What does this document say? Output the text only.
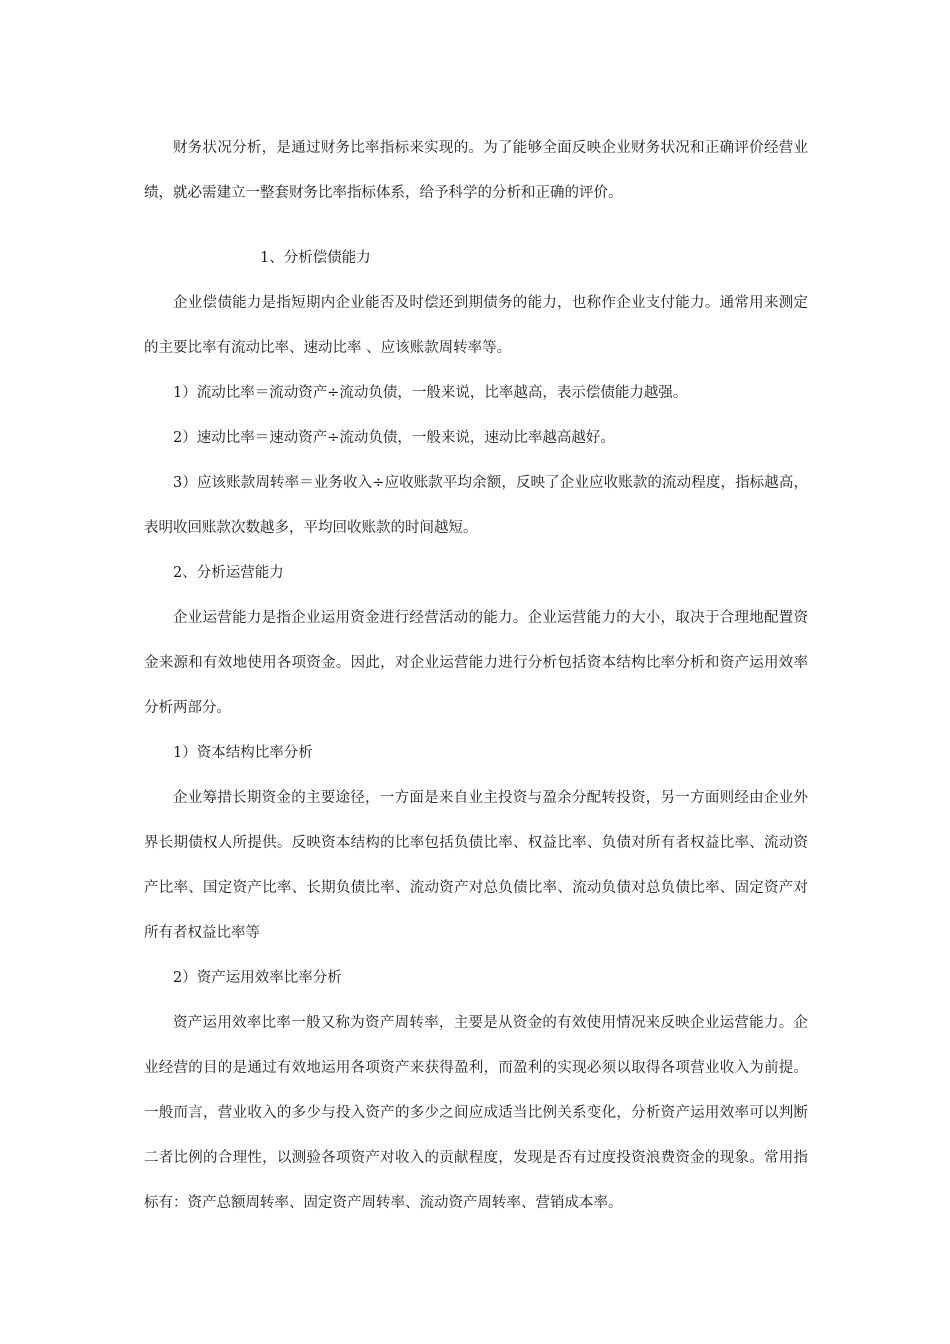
财务状况分析，是通过财务比率指标来实现的。为了能够全面反映企业财务状况和正确评价经营业绩，就必需建立一整套财务比率指标体系，给予科学的分析和正确的评价。

1、分析偿债能力

企业偿债能力是指短期内企业能否及时偿还到期债务的能力，也称作企业支付能力。通常用来测定的主要比率有流动比率、速动比率 、应该账款周转率等。

1）流动比率＝流动资产÷流动负债，一般来说，比率越高，表示偿债能力越强。

2）速动比率＝速动资产÷流动负债，一般来说，速动比率越高越好。

3）应该账款周转率＝业务收入÷应收账款平均余额，反映了企业应收账款的流动程度，指标越高，表明收回账款次数越多，平均回收账款的时间越短。

2、分析运营能力

企业运营能力是指企业运用资金进行经营活动的能力。企业运营能力的大小，取决于合理地配置资金来源和有效地使用各项资金。因此，对企业运营能力进行分析包括资本结构比率分析和资产运用效率分析两部分。

1）资本结构比率分析

企业筹措长期资金的主要途径，一方面是来自业主投资与盈余分配转投资，另一方面则经由企业外界长期债权人所提供。反映资本结构的比率包括负债比率、权益比率、负债对所有者权益比率、流动资产比率、国定资产比率、长期负债比率、流动资产对总负债比率、流动负债对总负债比率、固定资产对所有者权益比率等

2）资产运用效率比率分析

资产运用效率比率一般又称为资产周转率，主要是从资金的有效使用情况来反映企业运营能力。企业经营的目的是通过有效地运用各项资产来获得盈利，而盈利的实现必须以取得各项营业收入为前提。一般而言，营业收入的多少与投入资产的多少之间应成适当比例关系变化，分析资产运用效率可以判断二者比例的合理性，以测验各项资产对收入的贡献程度，发现是否有过度投资浪费资金的现象。常用指标有：资产总额周转率、固定资产周转率、流动资产周转率、营销成本率。
